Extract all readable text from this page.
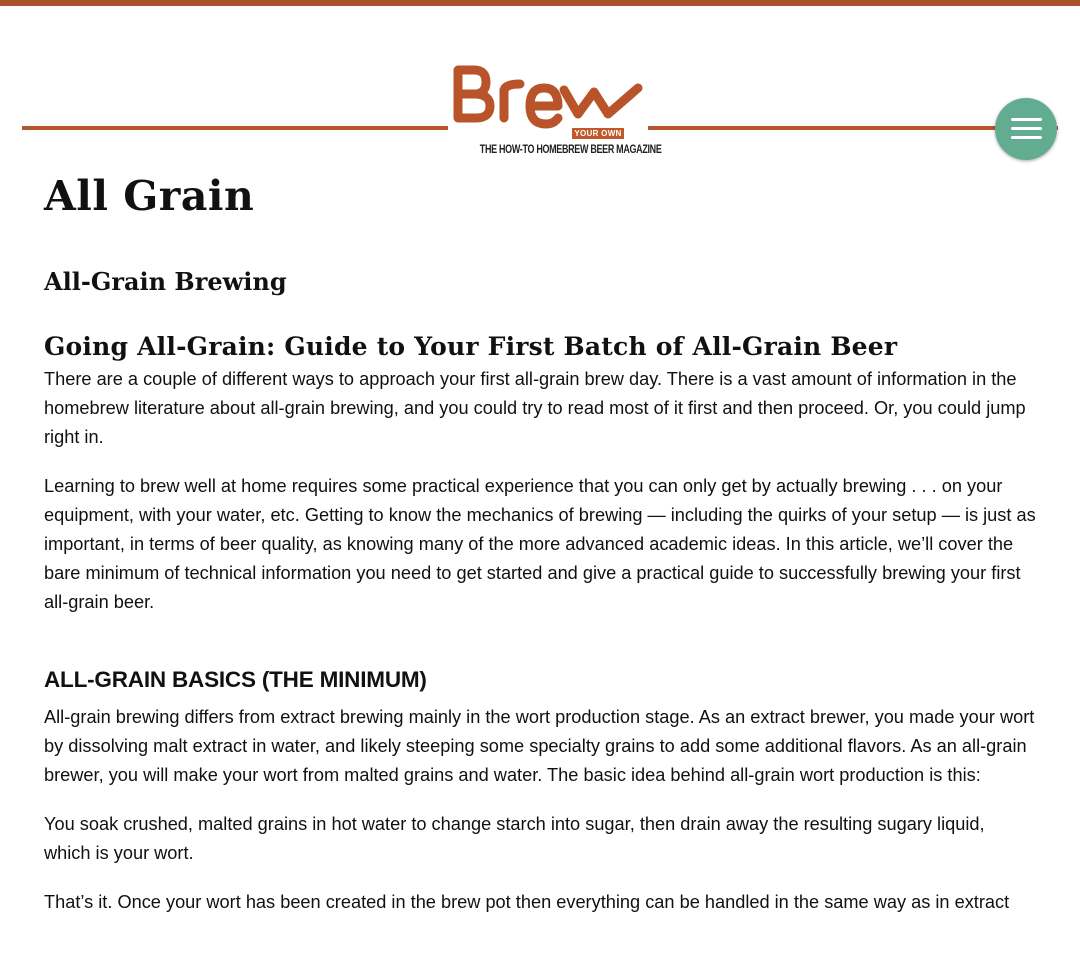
YOUR OWN
THE HOW-TO HOMEBREW BEER MAGAZINE
All Grain
All-Grain Brewing
Going All-Grain: Guide to Your First Batch of All-Grain Beer

There are a couple of different ways to approach your first all-grain brew day. There is a vast amount of information in the homebrew literature about all-grain brewing, and you could try to read most of it first and then proceed. Or, you could jump right in.

Learning to brew well at home requires some practical experience that you can only get by actually brewing . . . on your equipment, with your water, etc. Getting to know the mechanics of brewing — including the quirks of your setup — is just as important, in terms of beer quality, as knowing many of the more advanced academic ideas. In this article, we’ll cover the bare minimum of technical information you need to get started and give a practical guide to successfully brewing your first all-grain beer.

ALL-GRAIN BASICS (THE MINIMUM)

All-grain brewing differs from extract brewing mainly in the wort production stage. As an extract brewer, you made your wort by dissolving malt extract in water, and likely steeping some specialty grains to add some additional flavors. As an all-grain brewer, you will make your wort from malted grains and water. The basic idea behind all-grain wort production is this:

You soak crushed, malted grains in hot water to change starch into sugar, then drain away the resulting sugary liquid, which is your wort.

That’s it. Once your wort has been created in the brew pot then everything can be handled in the same way as in extract
